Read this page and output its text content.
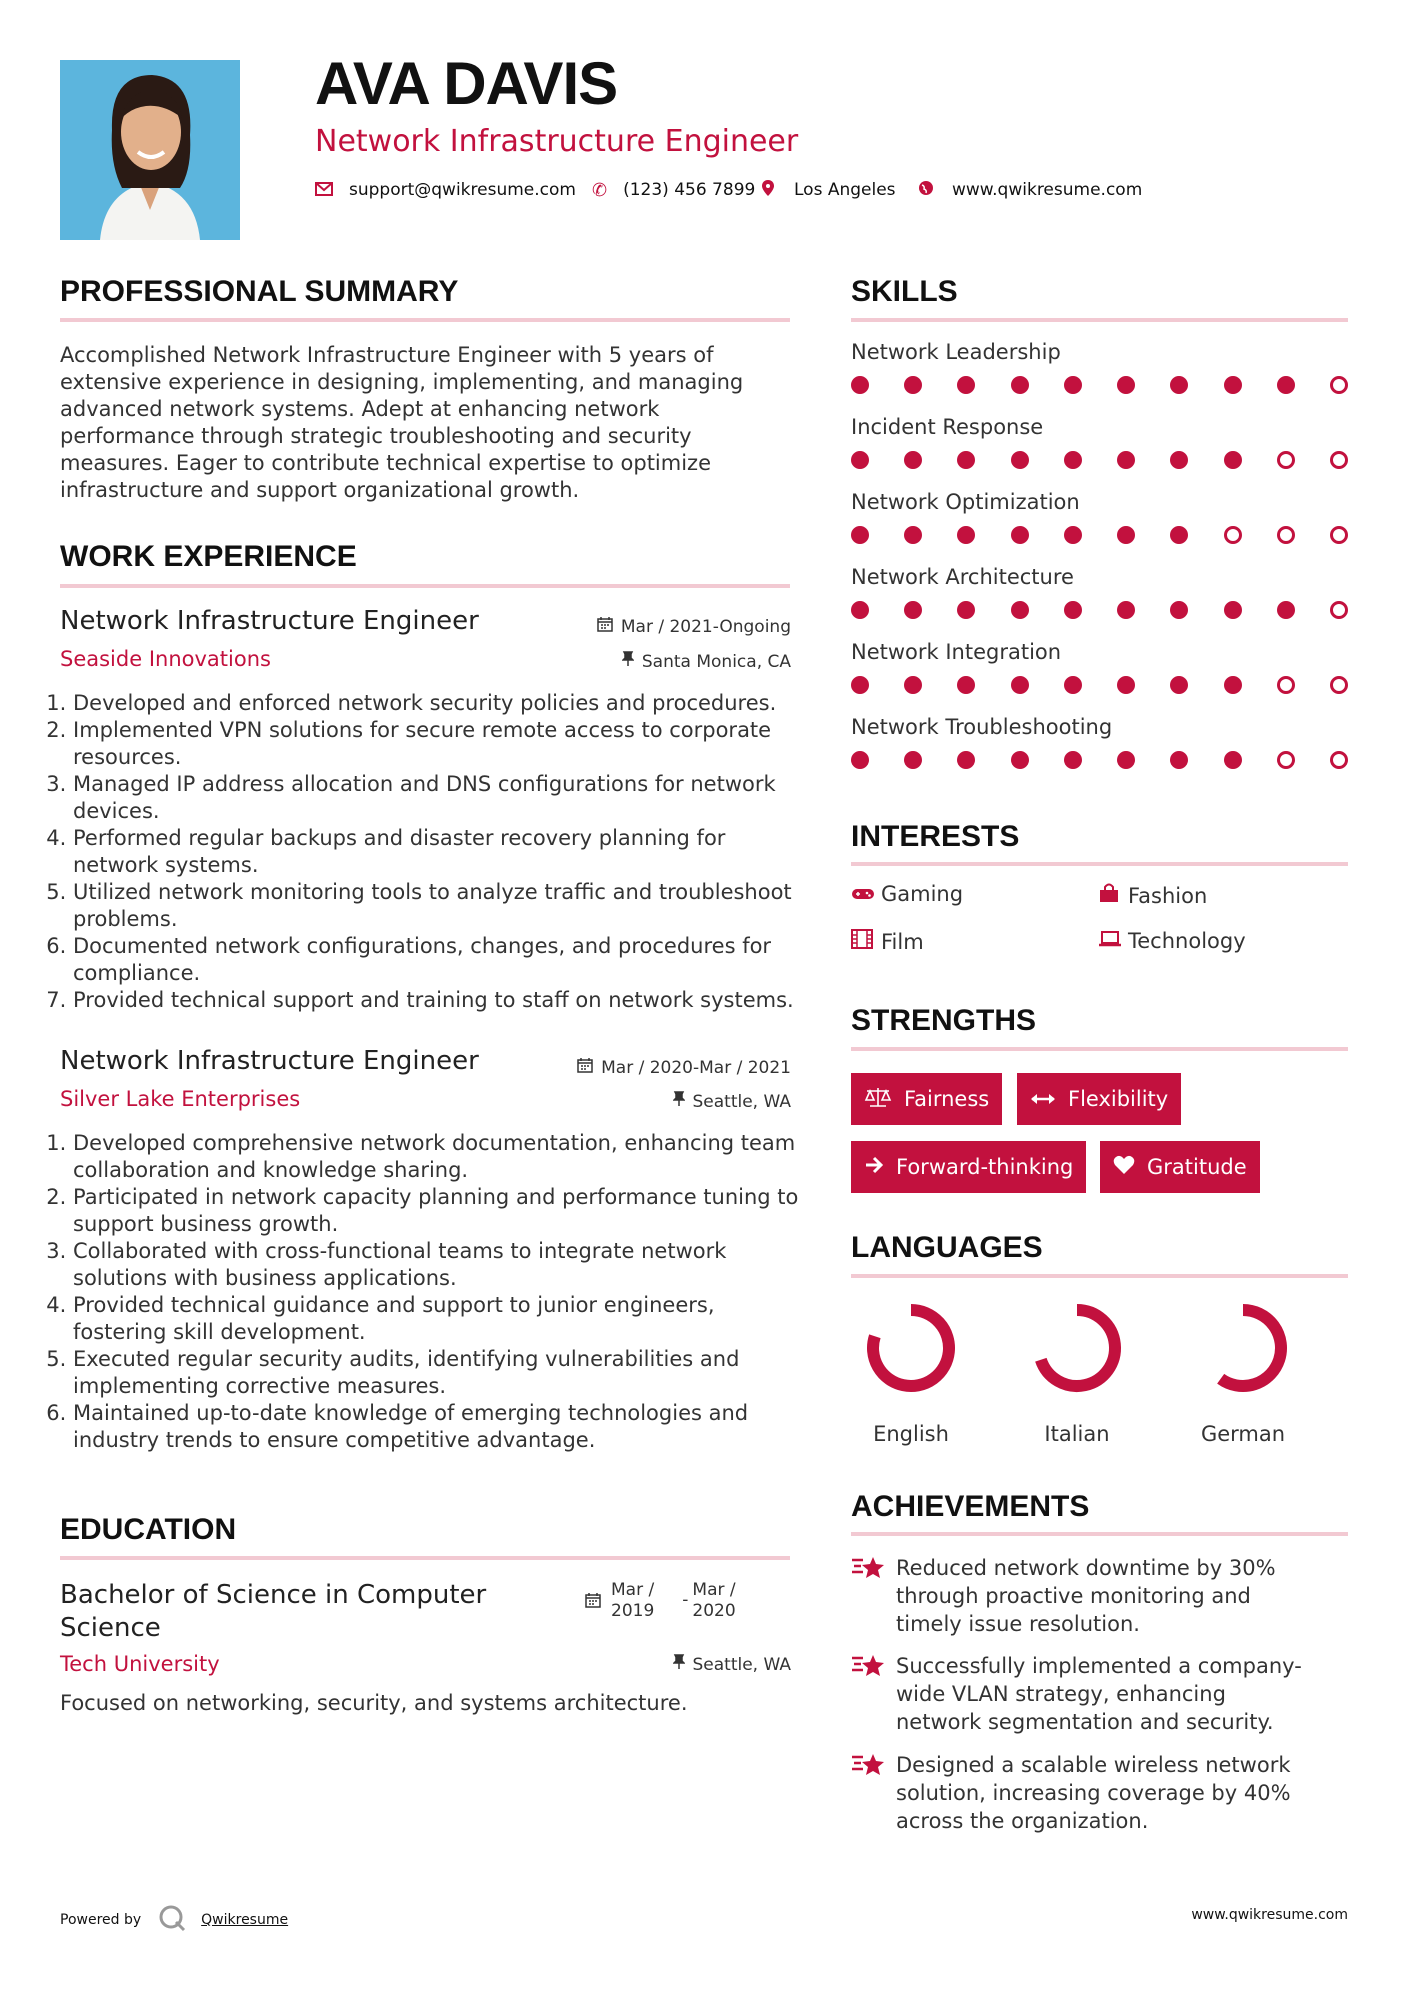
AVA DAVIS
Network Infrastructure Engineer
support@qwikresume.com ✆ (123) 456 7899 Los Angeles	www.qwikresume.com
PROFESSIONAL SUMMARY
Accomplished Network Infrastructure Engineer with 5 years of extensive experience in designing, implementing, and managing advanced network systems. Adept at enhancing network performance through strategic troubleshooting and security measures. Eager to contribute technical expertise to optimize infrastructure and support organizational growth.
WORK EXPERIENCE
Network Infrastructure Engineer	Mar / 2021-Ongoing
Seaside Innovations	Santa Monica, CA
1. Developed and enforced network security policies and procedures.
2. Implemented VPN solutions for secure remote access to corporate resources.
3. Managed IP address allocation and DNS configurations for network devices.
4. Performed regular backups and disaster recovery planning for network systems.
5. Utilized network monitoring tools to analyze traffic and troubleshoot problems.
6. Documented network configurations, changes, and procedures for compliance.
7. Provided technical support and training to staff on network systems.
Network Infrastructure Engineer	Mar / 2020-Mar / 2021
Silver Lake Enterprises	Seattle, WA
1. Developed comprehensive network documentation, enhancing team collaboration and knowledge sharing.
2. Participated in network capacity planning and performance tuning to support business growth.
3. Collaborated with cross-functional teams to integrate network solutions with business applications.
4. Provided technical guidance and support to junior engineers, fostering skill development.
5. Executed regular security audits, identifying vulnerabilities and implementing corrective measures.
6. Maintained up-to-date knowledge of emerging technologies and industry trends to ensure competitive advantage.
EDUCATION
Bachelor of Science in Computer Science
Mar /
2019
- Mar /
2020
Tech University	Seattle, WA
Focused on networking, security, and systems architecture.
SKILLS
Network Leadership
Incident Response
Network Optimization
Network Architecture
Network Integration
Network Troubleshooting
INTERESTS
Gaming	Fashion
Film	Technology
STRENGTHS
Fairness	Flexibility
Forward-thinking	Gratitude
LANGUAGES
English	Italian	German
ACHIEVEMENTS
Reduced network downtime by 30% through proactive monitoring and timely issue resolution.
Successfully implemented a company-wide VLAN strategy, enhancing network segmentation and security.
Designed a scalable wireless network solution, increasing coverage by 40% across the organization.
Powered by	Qwikresume	www.qwikresume.com
